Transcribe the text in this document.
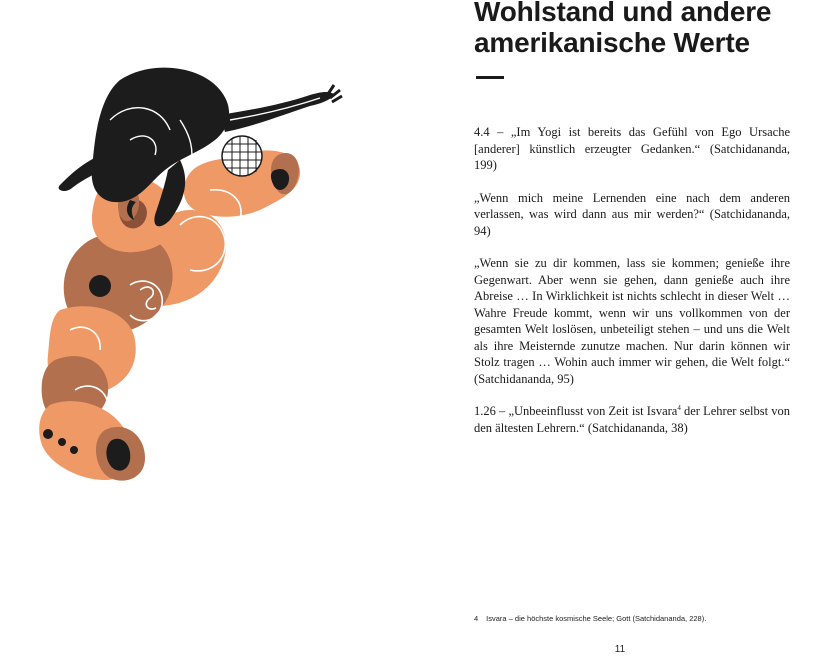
Wohlstand und andere
amerikanische Werte

4.4 – „Im Yogi ist bereits das Gefühl von Ego Ursache [anderer] künstlich erzeugter Gedanken.“ (Satchidananda, 199)

„Wenn mich meine Lernenden eine nach dem anderen verlassen, was wird dann aus mir werden?“ (Satchidananda, 94)

„Wenn sie zu dir kommen, lass sie kommen; genieße ihre Gegenwart. Aber wenn sie gehen, dann genieße auch ihre Abreise … In Wirklichkeit ist nichts schlecht in dieser Welt … Wahre Freude kommt, wenn wir uns vollkommen von der gesamten Welt loslösen, unbeteiligt stehen – und uns die Welt als ihre Meisternde zunutze machen. Nur darin können wir Stolz tragen … Wohin auch immer wir gehen, die Welt folgt.“ (Satchidananda, 95)

1.26 – „Unbeeinflusst von Zeit ist Isvara$^4$ der Lehrer selbst von den ältesten Lehrern.“ (Satchidananda, 38)

4 Isvara – die höchste kosmische Seele; Gott (Satchidananda, 228).
11
